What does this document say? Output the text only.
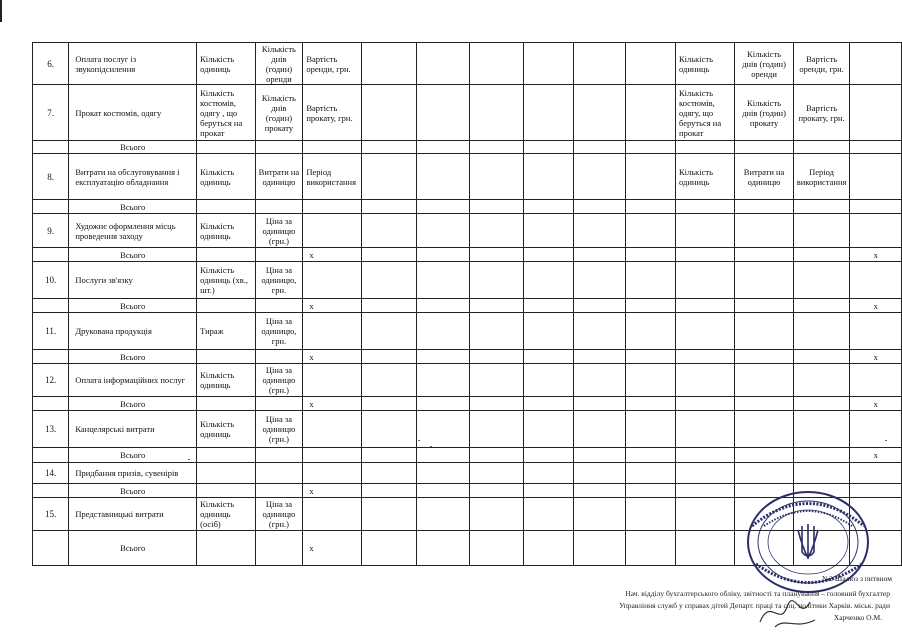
6.	Оплата послуг із звукопідсилення	Кількість одиниць	Кількість днів (годин) оренди	Вартість оренди, грн.							Кількість одиниць	Кількість днів (годин) оренди	Вартість оренди, грн.	
7.	Прокат костюмів, одягу	Кількість костюмів, одягу , що беруться на прокат	Кількість днів (годин) прокату	Вартість прокату, грн.							Кількість костюмів, одягу, що беруться на прокат	Кількість днів (годин) прокату	Вартість прокату, грн.	
	Всього													
8.	Витрати на обслуговування і експлуатацію обладнання	Кількість одиниць	Витрати на одиницю	Період використання							Кількість одиниць	Витрати на одиницю	Період використання	
	Всього													
9.	Художнє оформлення місць проведення заходу	Кількість одиниць	Ціна за одиницю (грн.)											
	Всього			x										x
10.	Послуги зв'язку	Кількість одиниць (хв., шт.)	Ціна за одиницю, грн.											
	Всього			x										x
11.	Друкована продукція	Тираж	Ціна за одиницю, грн.											
	Всього			x										x
12.	Оплата інформаційних послуг	Кількість одиниць	Ціна за одиницю (грн.)											
	Всього			x										x
13.	Канцелярські витрати	Кількість одиниць	Ціна за одиницю (грн.)											
	Всього													x
14.	Придбання призів, сувенірів													
	Всього			x										
15.	Представницькі витрати	Кількість одиниць (осіб)	Ціна за одиницю (грн.)											
	Всього			x										
№2 Шалюз з питвном
Нач. відділу бухгалтерського обліку, звітності та планування – головний бухгалтер
Управління служб у справах дітей Департ. праці та соц. політики Харків. міськ. ради
Харченко О.М.
